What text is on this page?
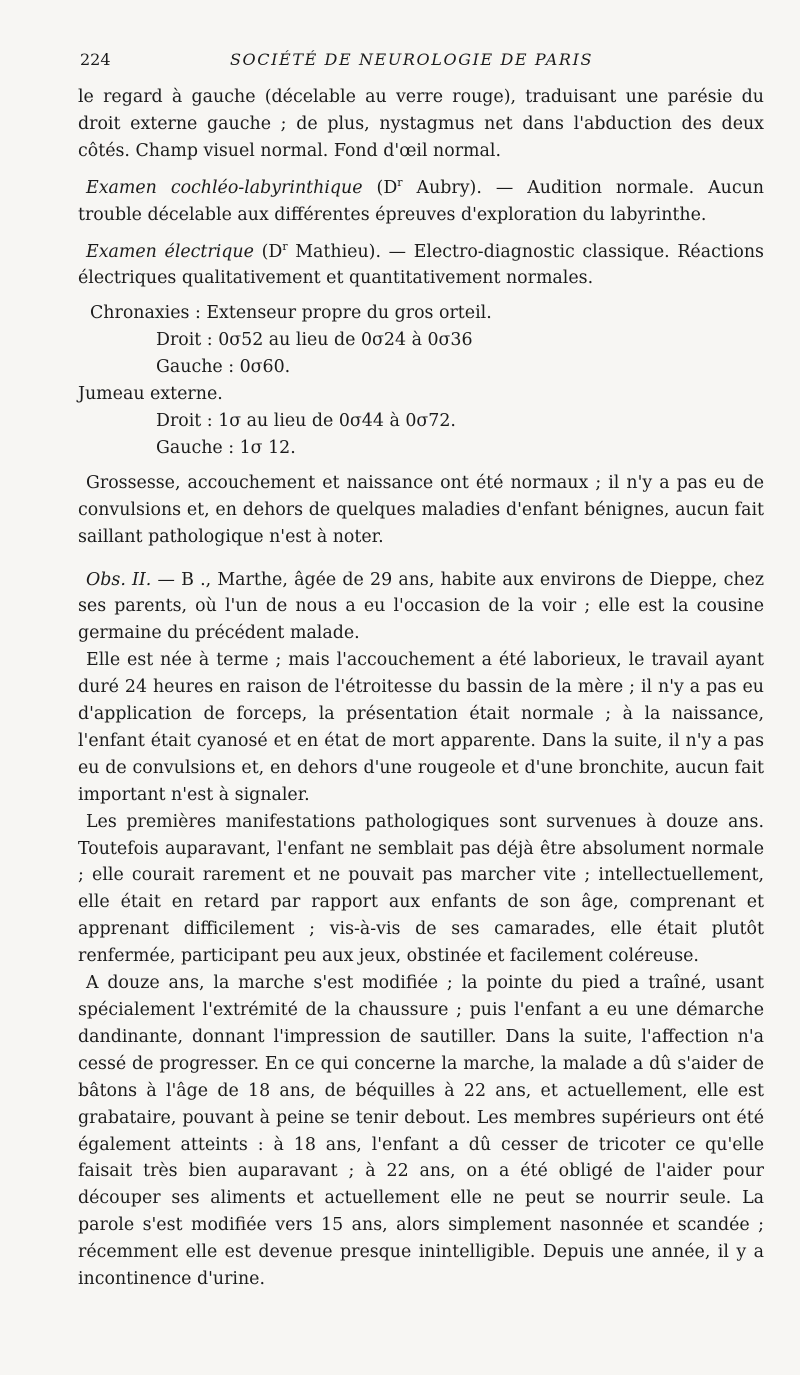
224	SOCIÉTÉ DE NEUROLOGIE DE PARIS

le regard à gauche (décelable au verre rouge), traduisant une parésie du droit externe gauche ; de plus, nystagmus net dans l'abduction des deux côtés. Champ visuel normal. Fond d'œil normal.

Examen cochléo-labyrinthique ($D^r$ Aubry). — Audition normale. Aucun trouble décelable aux différentes épreuves d'exploration du labyrinthe.

Examen électrique ($D^r$ Mathieu). — Electro-diagnostic classique. Réactions électriques qualitativement et quantitativement normales.

Chronaxies : Extenseur propre du gros orteil.
Droit : 0σ52 au lieu de 0σ24 à 0σ36
Gauche : 0σ60.
Jumeau externe.
Droit : 1σ au lieu de 0σ44 à 0σ72.
Gauche : 1σ 12.

Grossesse, accouchement et naissance ont été normaux ; il n'y a pas eu de convulsions et, en dehors de quelques maladies d'enfant bénignes, aucun fait saillant pathologique n'est à noter.

Obs. II. — B ., Marthe, âgée de 29 ans, habite aux environs de Dieppe, chez ses parents, où l'un de nous a eu l'occasion de la voir ; elle est la cousine germaine du précédent malade.

Elle est née à terme ; mais l'accouchement a été laborieux, le travail ayant duré 24 heures en raison de l'étroitesse du bassin de la mère ; il n'y a pas eu d'application de forceps, la présentation était normale ; à la naissance, l'enfant était cyanosé et en état de mort apparente. Dans la suite, il n'y a pas eu de convulsions et, en dehors d'une rougeole et d'une bronchite, aucun fait important n'est à signaler.

Les premières manifestations pathologiques sont survenues à douze ans. Toutefois auparavant, l'enfant ne semblait pas déjà être absolument normale ; elle courait rarement et ne pouvait pas marcher vite ; intellectuellement, elle était en retard par rapport aux enfants de son âge, comprenant et apprenant difficilement ; vis-à-vis de ses camarades, elle était plutôt renfermée, participant peu aux jeux, obstinée et facilement coléreuse.

A douze ans, la marche s'est modifiée ; la pointe du pied a traîné, usant spécialement l'extrémité de la chaussure ; puis l'enfant a eu une démarche dandinante, donnant l'impression de sautiller. Dans la suite, l'affection n'a cessé de progresser. En ce qui concerne la marche, la malade a dû s'aider de bâtons à l'âge de 18 ans, de béquilles à 22 ans, et actuellement, elle est grabataire, pouvant à peine se tenir debout. Les membres supérieurs ont été également atteints : à 18 ans, l'enfant a dû cesser de tricoter ce qu'elle faisait très bien auparavant ; à 22 ans, on a été obligé de l'aider pour découper ses aliments et actuellement elle ne peut se nourrir seule. La parole s'est modifiée vers 15 ans, alors simplement nasonnée et scandée ; récemment elle est devenue presque inintelligible. Depuis une année, il y a incontinence d'urine.
